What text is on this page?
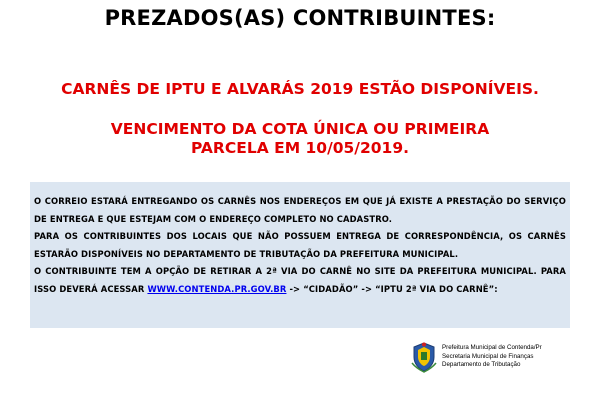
PREZADOS(AS) CONTRIBUINTES:
CARNÊS DE IPTU E ALVARÁS 2019 ESTÃO DISPONÍVEIS.
VENCIMENTO DA COTA ÚNICA OU PRIMEIRA
PARCELA EM 10/05/2019.

O CORREIO ESTARÁ ENTREGANDO OS CARNÊS NOS ENDEREÇOS EM QUE JÁ EXISTE A PRESTAÇÃO DO SERVIÇO DE ENTREGA E QUE ESTEJAM COM O ENDEREÇO COMPLETO NO CADASTRO.

PARA OS CONTRIBUINTES DOS LOCAIS QUE NÃO POSSUEM ENTREGA DE CORRESPONDÊNCIA, OS CARNÊS ESTARÃO DISPONÍVEIS NO DEPARTAMENTO DE TRIBUTAÇÃO DA PREFEITURA MUNICIPAL.

O CONTRIBUINTE TEM A OPÇÃO DE RETIRAR A 2ª VIA DO CARNÊ NO SITE DA PREFEITURA MUNICIPAL. PARA ISSO DEVERÁ ACESSAR WWW.CONTENDA.PR.GOV.BR -> “CIDADÃO” -> “IPTU 2ª VIA DO CARNÊ”:

Prefeitura Municipal de Contenda/Pr
Secretaria Municipal de Finanças
Departamento de Tributação
